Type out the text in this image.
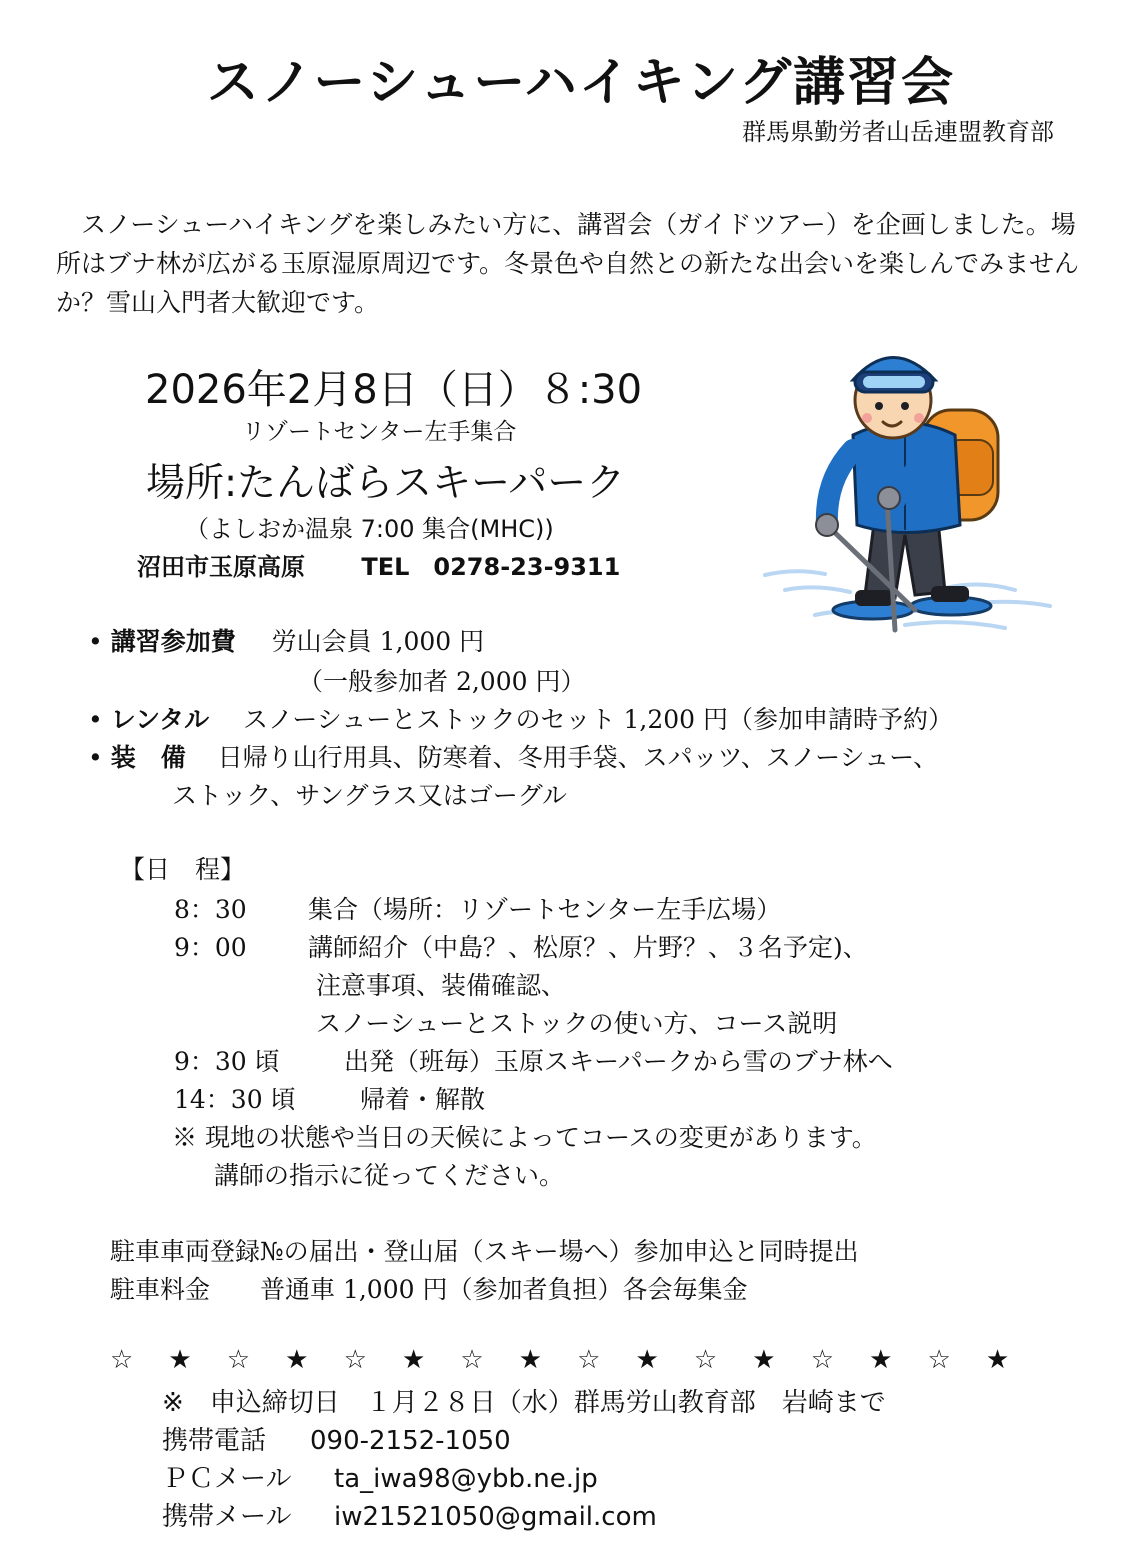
スノーシューハイキング講習会
群馬県勤労者山岳連盟教育部
　スノーシューハイキングを楽しみたい方に、講習会（ガイドツアー）を企画しました。場所はブナ林が広がる玉原湿原周辺です。冬景色や自然との新たな出会いを楽しんでみませんか？雪山入門者大歓迎です。
2026年2月8日（日）８:30
リゾートセンター左手集合
場所:たんばらスキーパーク
（よしおか温泉 7:00 集合(MHC))
沼田市玉原高原　　 TEL　0278-23-9311
• 講習参加費 労山会員 1,000 円
（一般参加者 2,000 円）
• レンタル スノーシューとストックのセット 1,200 円（参加申請時予約）
• 装　備 日帰り山行用具、防寒着、冬用手袋、スパッツ、スノーシュー、
ストック、サングラス又はゴーグル
【日　程】
8：30 集合（場所：リゾートセンター左手広場）
9：00 講師紹介（中島？、松原？、片野？、３名予定)、
注意事項、装備確認、
スノーシューとストックの使い方、コース説明
9：30 頃	出発（班毎）玉原スキーパークから雪のブナ林へ
14：30 頃	帰着・解散
※ 現地の状態や当日の天候によってコースの変更があります。
講師の指示に従ってください。
駐車車両登録№の届出・登山届（スキー場へ）参加申込と同時提出
駐車料金　　普通車 1,000 円（参加者負担）各会毎集金
☆ ★ ☆ ★ ☆ ★ ☆ ★ ☆ ★ ☆ ★ ☆ ★ ☆ ★
※　申込締切日　１月２８日（水）群馬労山教育部　岩崎まで
携帯電話 090-2152-1050
ＰＣメール ta_iwa98@ybb.ne.jp
携帯メール iw21521050@gmail.com
